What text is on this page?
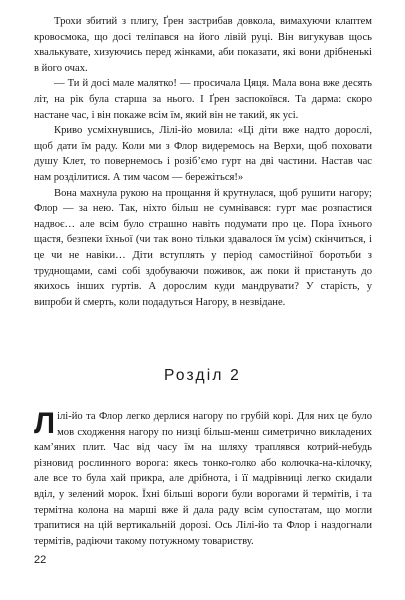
Трохи збитий з плигу, Ґрен застрибав довкола, вимахуючи клаптем кровосмока, що досі теліпався на його лівій руці. Він вигукував щось хвалькувате, хизуючись перед жінками, аби показати, які вони дрібненькі в його очах.

— Ти й досі мале малятко! — просичала Цяця. Мала вона вже десять літ, на рік була старша за нього. І Ґрен заспокоївся. Та дарма: скоро настане час, і він покаже всім їм, який він не такий, як усі.

Криво усміхнувшись, Лілі-йо мовила: «Ці діти вже надто дорослі, щоб дати їм раду. Коли ми з Флор видеремось на Верхи, щоб поховати душу Клет, то повернемось і розіб’ємо гурт на дві частини. Настав час нам розділитися. А тим часом — бережіться!»

Вона махнула рукою на прощання й крутнулася, щоб рушити нагору; Флор — за нею. Так, ніхто більш не сумнівався: гурт має розпастися надвоє… але всім було страшно навіть подумати про це. Пора їхнього щастя, безпеки їхньої (чи так воно тільки здавалося їм усім) скінчиться, і це чи не навіки… Діти вступлять у період самостійної боротьби з труднощами, самі собі здобуваючи поживок, аж поки й пристануть до якихось інших гуртів. А дорослим куди мандрувати? У старість, у випроби й смерть, коли подадуться Нагору, в незвідане.

Розділ 2

Лілі-йо та Флор легко дерлися нагору по грубій корі. Для них це було мов сходження нагору по низці більш-менш симетрично викладених кам’яних плит. Час від часу їм на шляху траплявся котрий-небудь різновид рослинного ворога: якесь тонко-голко або колючка-на-кілочку, але все то була хай прикра, але дрібнота, і її мадрівниці легко скидали вділ, у зелений морок. Їхні більші вороги були ворогами й термітів, і та термітна колона на марші вже й дала раду всім супостатам, що могли трапитися на цій вертикальній дорозі. Ось Лілі-йо та Флор і наздогнали термітів, радіючи такому потужному товариству.

22
